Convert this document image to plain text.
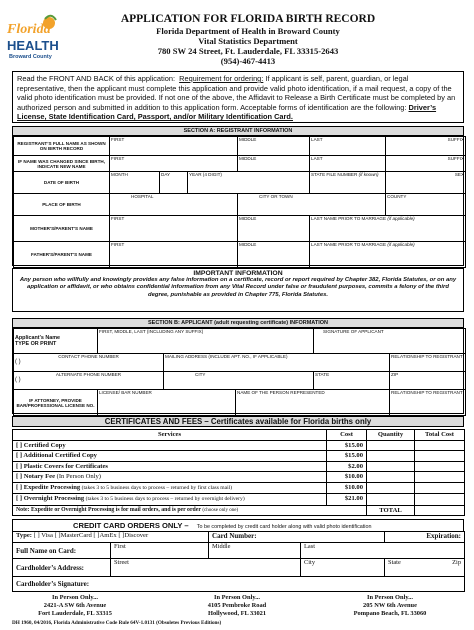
Florida
HEALTH
Broward County
APPLICATION FOR FLORIDA BIRTH RECORD
Florida Department of Health in Broward County
Vital Statistics Department
780 SW 24 Street, Ft. Lauderdale, FL 33315-2643
(954)-467-4413
Read the FRONT AND BACK of this application: Requirement for ordering: If applicant is self, parent, guardian, or legal representative, then the applicant must complete this application and provide valid photo identification, if a mail request, a copy of the valid photo identification must be provided. If not one of the above, the Affidavit to Release a Birth Certificate must be completed by an authorized person and submitted in addition to this application form. Acceptable forms of identification are the following: Driver’s License, State Identification Card, Passport, and/or Military Identification Card.
SECTION A: REGISTRANT INFORMATION
REGISTRANT’S FULL NAME AS SHOWN ON BIRTH RECORD	FIRST			MIDDLE	LAST	SUFFIX

IF NAME WAS CHANGED SINCE BIRTH, INDICATE NEW NAME	FIRST			MIDDLE	LAST	SUFFIX

DATE OF BIRTH	MONTH	DAY	YEAR (4 DIGIT)		STATE FILE NUMBER (if known)	SEX

PLACE OF BIRTH	HOSPITAL			CITY OR TOWN		COUNTY
MOTHER'S/PARENT'S NAME	FIRST			MIDDLE	LAST NAME PRIOR TO MARRIAGE (if applicable)	
FATHER'S/PARENT'S NAME	FIRST			MIDDLE	LAST NAME PRIOR TO MARRIAGE (if applicable)	
IMPORTANT INFORMATION
Any person who willfully and knowingly provides any false information on a certificate, record or report required by Chapter 382, Florida Statutes, or on any application or affidavit, or who obtains confidential information from any Vital Record under false or fraudulent purposes, commits a felony of the third degree, punishable as provided in Chapter 775, Florida Statutes.
SECTION B: APPLICANT (adult requesting certificate) INFORMATION
Applicant’s Name
TYPE OR PRINT	FIRST, MIDDLE, LAST (INCLUDING ANY SUFFIX)			SIGNATURE OF APPLICANT	

CONTACT PHONE NUMBER
( )		MAILING ADDRESS (INCLUDE APT. NO., IF APPLICABLE)			RELATIONSHIP TO REGISTRANT

ALTERNATE PHONE NUMBER
( )		CITY		STATE	ZIP
IF ATTORNEY, PROVIDE BAR/PROFESSIONAL LICENSE NO.	LICENSE/ BAR NUMBER		NAME OF THE PERSON REPRESENTED		RELATIONSHIP TO REGISTRANT
CERTIFICATES AND FEES – Certificates available for Florida births only
Services	Cost	Quantity	Total Cost
[ ] Certified Copy	$15.00		
[ ] Additional Certified Copy	$15.00		
[ ] Plastic Covers for Certificates	$2.00		
[ ] Notary Fee (In Person Only)	$10.00		
[ ] Expedite Processing (takes 3 to 5 business days to process – returned by first class mail)	$10.00		
[ ] Overnight Processing (takes 3 to 5 business days to process – returned by overnight delivery)	$21.00		
Note: Expedite or Overnight Processing is for mail orders, and is per order (choose only one)		TOTAL	
CREDIT CARD ORDERS ONLY – To be completed by credit card holder along with valid photo identification
Type: [ ] Visa [ ]MasterCard [ ]AmEx [ ]Discover		Card Number:		Expiration:
Full Name on Card:	First	Middle	Last	
Cardholder’s Address:	Street		City	State Zip

Cardholder’s Signature:				
In Person Only...
2421-A SW 6th Avenue
Fort Lauderdale, FL 33315
In Person Only...
4105 Pembroke Road
Hollywood, FL 33021
In Person Only...
205 NW 6th Avenue
Pompano Beach, FL 33060
DH 1960, 04/2016, Florida Administrative Code Rule 64V-1.0131 (Obsoletes Previous Editions)
